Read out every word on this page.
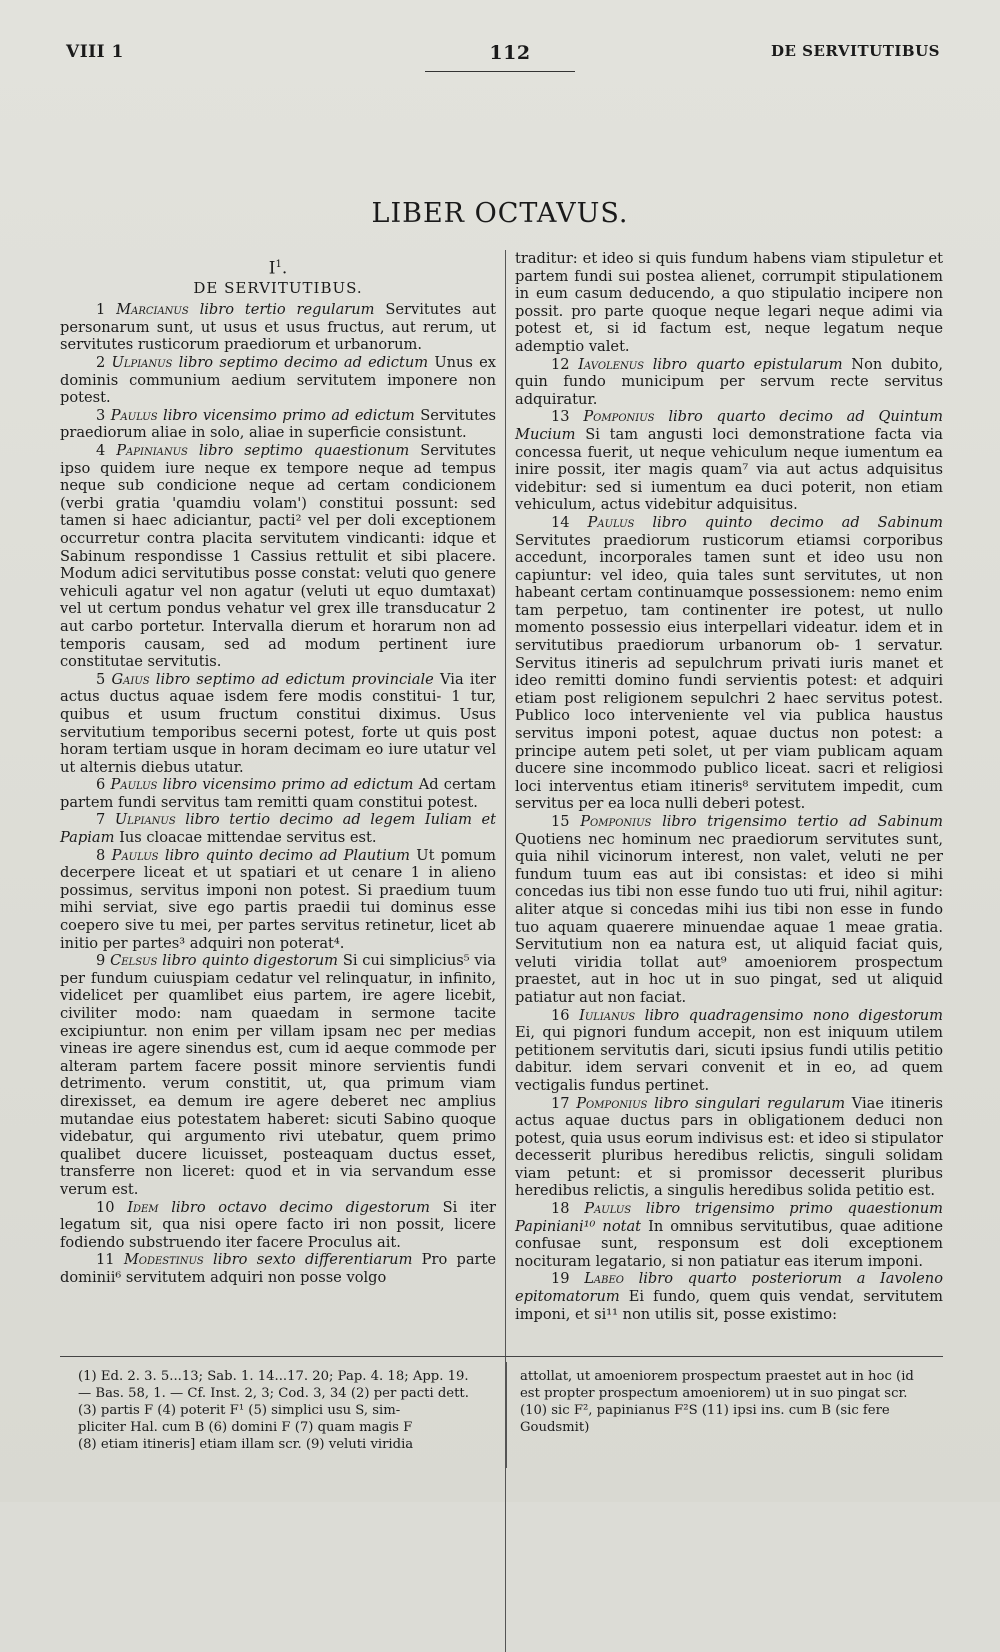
VIII 1	112	DE SERVITUTIBUS
LIBER OCTAVUS.
$I^1$.
DE SERVITUTIBUS.

1 Marcianus libro tertio regularum Servitutes aut personarum sunt, ut usus et usus fructus, aut rerum, ut servitutes rusticorum praediorum et urbanorum.

2 Ulpianus libro septimo decimo ad edictum Unus ex dominis communium aedium servitutem imponere non potest.

3 Paulus libro vicensimo primo ad edictum Servitutes praediorum aliae in solo, aliae in superficie consistunt.

4 Papinianus libro septimo quaestionum Servitutes ipso quidem iure neque ex tempore neque ad tempus neque sub condicione neque ad certam condicionem (verbi gratia 'quamdiu volam') constitui possunt: sed tamen si haec adiciantur, pacti² vel per doli exceptionem occurretur contra placita servitutem vindicanti: idque et Sabinum respondisse 1 Cassius rettulit et sibi placere. Modum adici servitutibus posse constat: veluti quo genere vehiculi agatur vel non agatur (veluti ut equo dumtaxat) vel ut certum pondus vehatur vel grex ille transducatur 2 aut carbo portetur. Intervalla dierum et horarum non ad temporis causam, sed ad modum pertinent iure constitutae servitutis.

5 Gaius libro septimo ad edictum provinciale Via iter actus ductus aquae isdem fere modis constitui- 1 tur, quibus et usum fructum constitui diximus. Usus servitutium temporibus secerni potest, forte ut quis post horam tertiam usque in horam decimam eo iure utatur vel ut alternis diebus utatur.

6 Paulus libro vicensimo primo ad edictum Ad certam partem fundi servitus tam remitti quam constitui potest.

7 Ulpianus libro tertio decimo ad legem Iuliam et Papiam Ius cloacae mittendae servitus est.

8 Paulus libro quinto decimo ad Plautium Ut pomum decerpere liceat et ut spatiari et ut cenare 1 in alieno possimus, servitus imponi non potest. Si praedium tuum mihi serviat, sive ego partis praedii tui dominus esse coepero sive tu mei, per partes servitus retinetur, licet ab initio per partes³ adquiri non poterat⁴.

9 Celsus libro quinto digestorum Si cui simplicius⁵ via per fundum cuiuspiam cedatur vel relinquatur, in infinito, videlicet per quamlibet eius partem, ire agere licebit, civiliter modo: nam quaedam in sermone tacite excipiuntur. non enim per villam ipsam nec per medias vineas ire agere sinendus est, cum id aeque commode per alteram partem facere possit minore servientis fundi detrimento. verum constitit, ut, qua primum viam direxisset, ea demum ire agere deberet nec amplius mutandae eius potestatem haberet: sicuti Sabino quoque videbatur, qui argumento rivi utebatur, quem primo qualibet ducere licuisset, posteaquam ductus esset, transferre non liceret: quod et in via servandum esse verum est.

10 Idem libro octavo decimo digestorum Si iter legatum sit, qua nisi opere facto iri non possit, licere fodiendo substruendo iter facere Proculus ait.

11 Modestinus libro sexto differentiarum Pro parte dominii⁶ servitutem adquiri non posse volgo

traditur: et ideo si quis fundum habens viam stipuletur et partem fundi sui postea alienet, corrumpit stipulationem in eum casum deducendo, a quo stipulatio incipere non possit. pro parte quoque neque legari neque adimi via potest et, si id factum est, neque legatum neque ademptio valet.

12 Iavolenus libro quarto epistularum Non dubito, quin fundo municipum per servum recte servitus adquiratur.

13 Pomponius libro quarto decimo ad Quintum Mucium Si tam angusti loci demonstratione facta via concessa fuerit, ut neque vehiculum neque iumentum ea inire possit, iter magis quam⁷ via aut actus adquisitus videbitur: sed si iumentum ea duci poterit, non etiam vehiculum, actus videbitur adquisitus.

14 Paulus libro quinto decimo ad Sabinum Servitutes praediorum rusticorum etiamsi corporibus accedunt, incorporales tamen sunt et ideo usu non capiuntur: vel ideo, quia tales sunt servitutes, ut non habeant certam continuamque possessionem: nemo enim tam perpetuo, tam continenter ire potest, ut nullo momento possessio eius interpellari videatur. idem et in servitutibus praediorum urbanorum ob- 1 servatur. Servitus itineris ad sepulchrum privati iuris manet et ideo remitti domino fundi servientis potest: et adquiri etiam post religionem sepulchri 2 haec servitus potest. Publico loco interveniente vel via publica haustus servitus imponi potest, aquae ductus non potest: a principe autem peti solet, ut per viam publicam aquam ducere sine incommodo publico liceat. sacri et religiosi loci interventus etiam itineris⁸ servitutem impedit, cum servitus per ea loca nulli deberi potest.

15 Pomponius libro trigensimo tertio ad Sabinum Quotiens nec hominum nec praediorum servitutes sunt, quia nihil vicinorum interest, non valet, veluti ne per fundum tuum eas aut ibi consistas: et ideo si mihi concedas ius tibi non esse fundo tuo uti frui, nihil agitur: aliter atque si concedas mihi ius tibi non esse in fundo tuo aquam quaerere minuendae aquae 1 meae gratia. Servitutium non ea natura est, ut aliquid faciat quis, veluti viridia tollat aut⁹ amoeniorem prospectum praestet, aut in hoc ut in suo pingat, sed ut aliquid patiatur aut non faciat.

16 Iulianus libro quadragensimo nono digestorum Ei, qui pignori fundum accepit, non est iniquum utilem petitionem servitutis dari, sicuti ipsius fundi utilis petitio dabitur. idem servari convenit et in eo, ad quem vectigalis fundus pertinet.

17 Pomponius libro singulari regularum Viae itineris actus aquae ductus pars in obligationem deduci non potest, quia usus eorum indivisus est: et ideo si stipulator decesserit pluribus heredibus relictis, singuli solidam viam petunt: et si promissor decesserit pluribus heredibus relictis, a singulis heredibus solida petitio est.

18 Paulus libro trigensimo primo quaestionum Papiniani¹⁰ notat In omnibus servitutibus, quae aditione confusae sunt, responsum est doli exceptionem nocituram legatario, si non patiatur eas iterum imponi.

19 Labeo libro quarto posteriorum a Iavoleno epitomatorum Ei fundo, quem quis vendat, servitutem imponi, et si¹¹ non utilis sit, posse existimo:

(1) Ed. 2. 3. 5...13; Sab. 1. 14...17. 20; Pap. 4. 18; App. 19.
— Bas. 58, 1. — Cf. Inst. 2, 3; Cod. 3, 34 (2) per pacti dett.
(3) partis F (4) poterit F¹ (5) simplici usu S, sim-
pliciter Hal. cum B (6) domini F (7) quam magis F
(8) etiam itineris] etiam illam scr. (9) veluti viridia
attollat, ut amoeniorem prospectum praestet aut in hoc (id
est propter prospectum amoeniorem) ut in suo pingat scr.
(10) sic F², papinianus F²S (11) ipsi ins. cum B (sic fere
Goudsmit)
